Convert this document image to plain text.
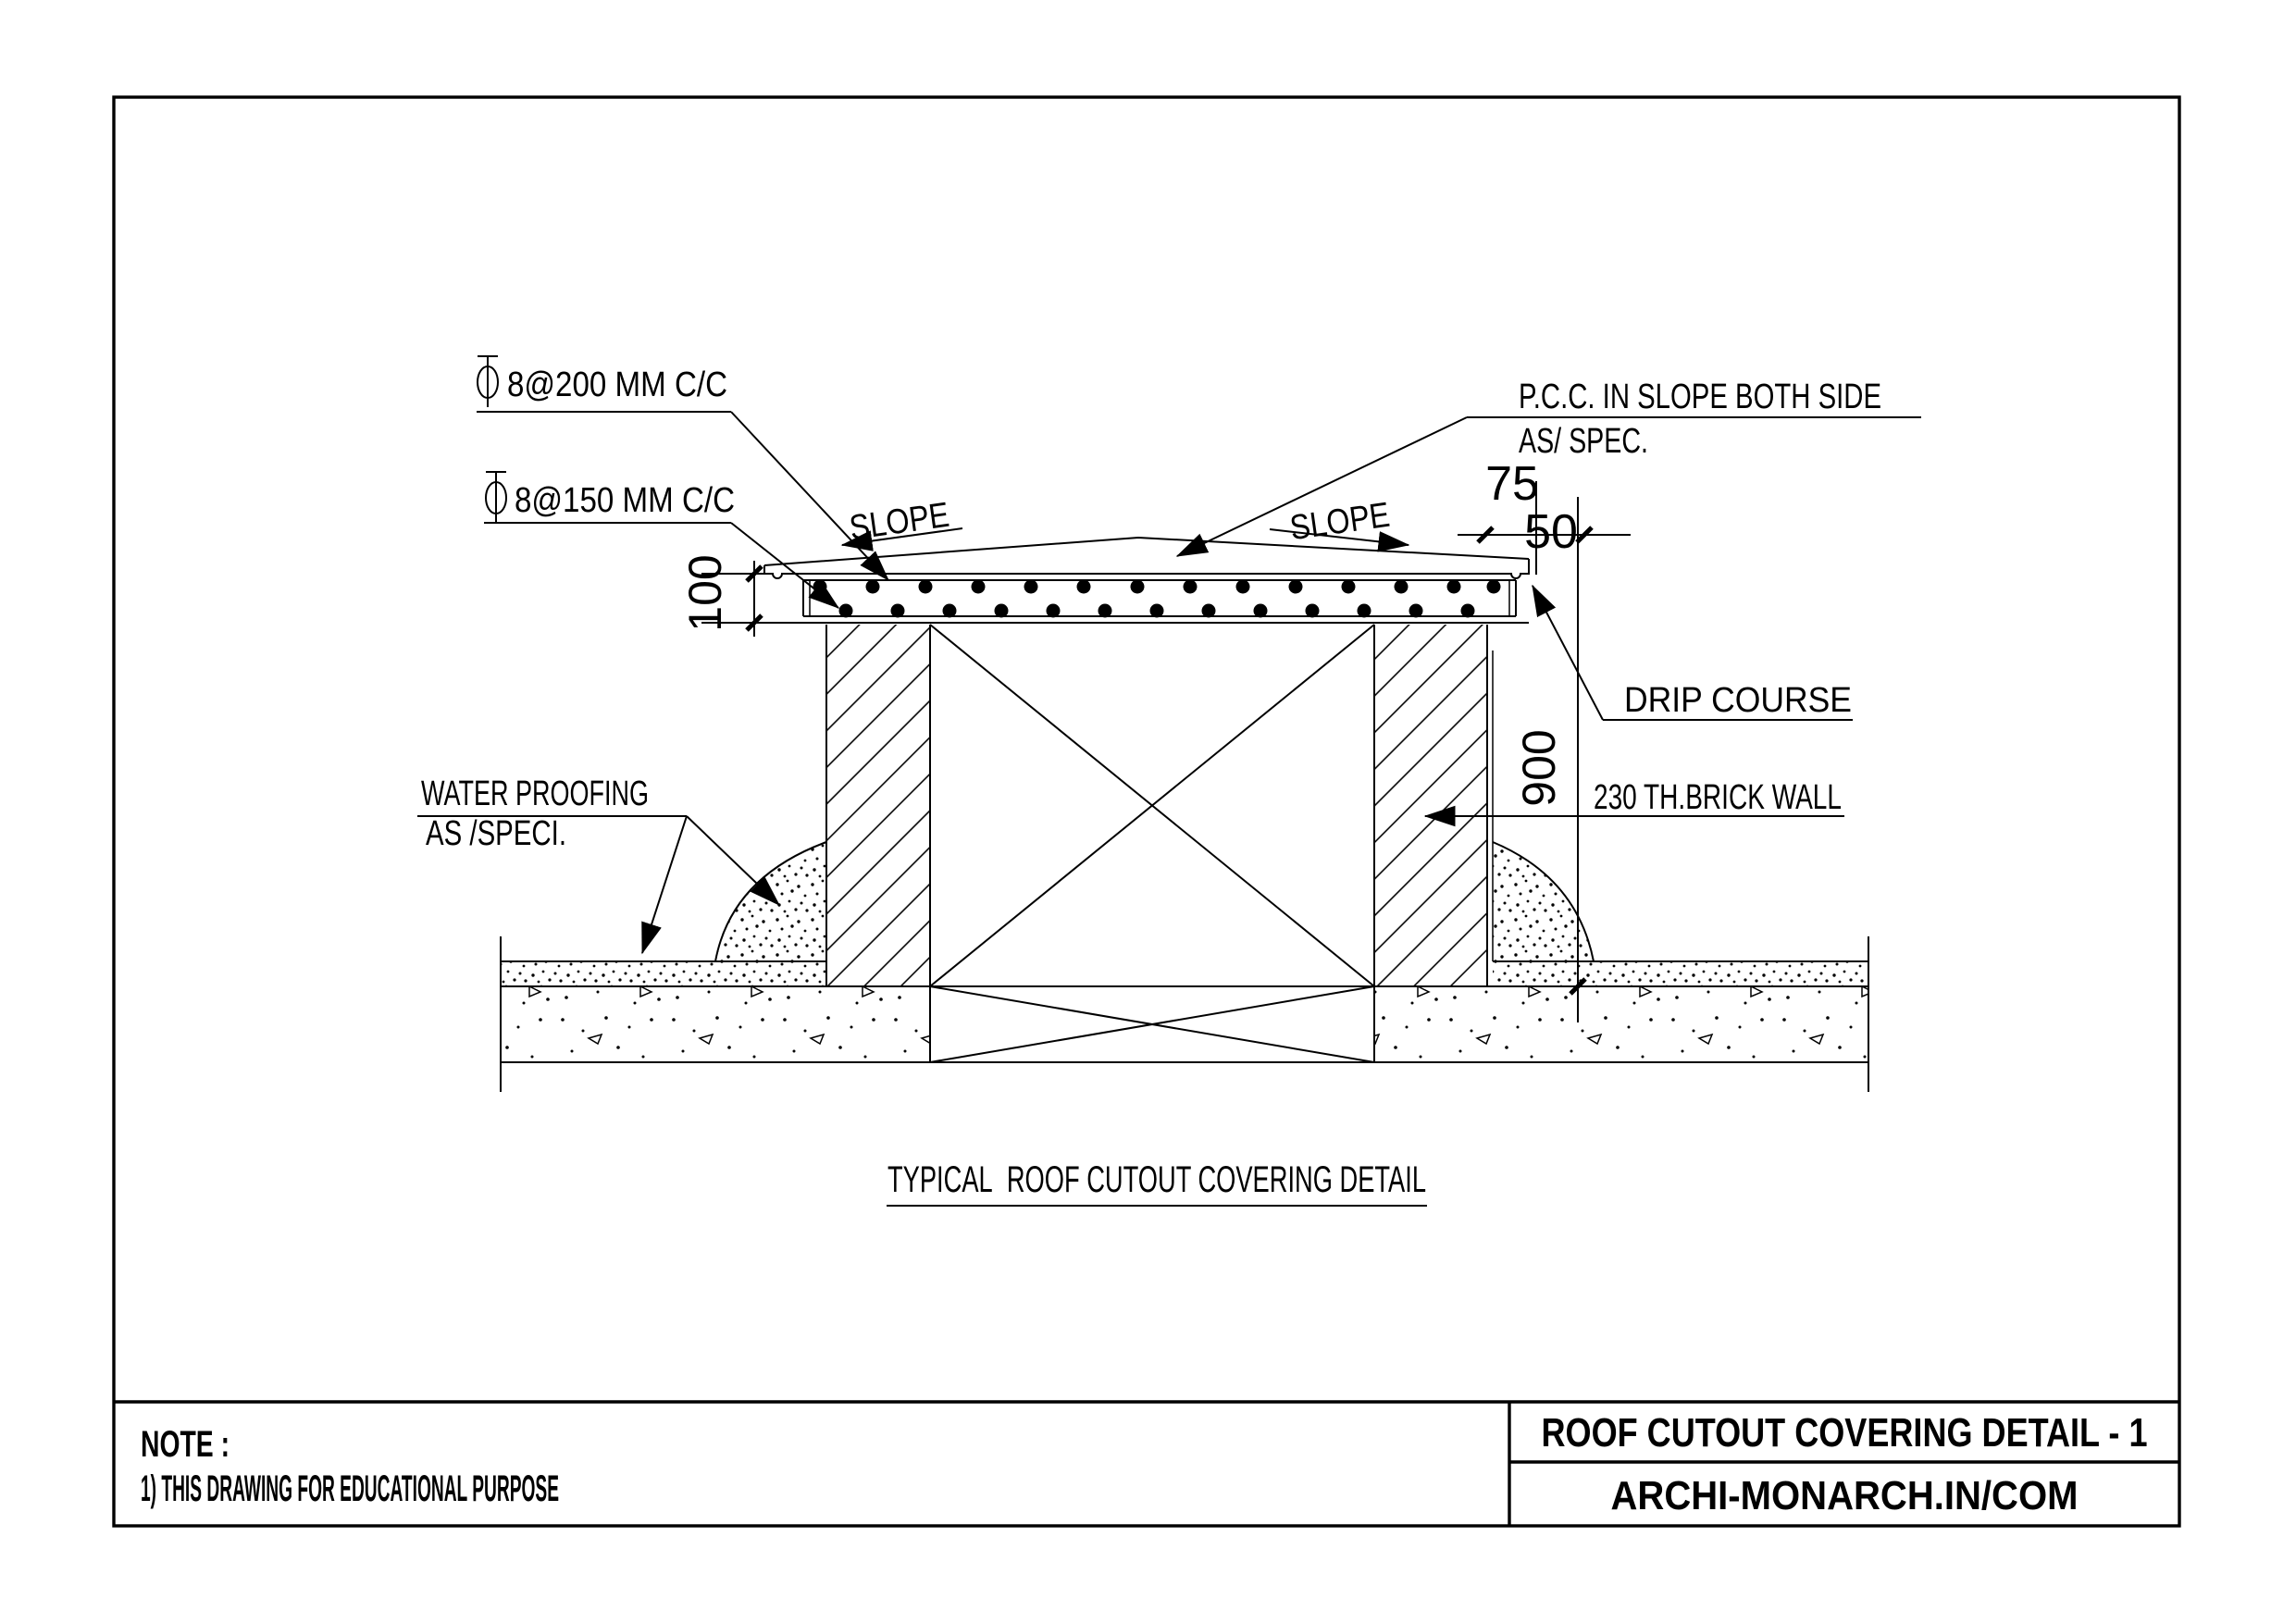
100
75
50
900
8@200 MM C/C
8@150 MM C/C	SLOPE	SLOPE
P.C.C. IN SLOPE BOTH SIDE
AS/ SPEC.
DRIP COURSE
230 TH.BRICK WALL
WATER PROOFING
AS /SPECI.
TYPICAL  ROOF CUTOUT COVERING DETAIL
NOTE :
1) THIS DRAWING FOR EDUCATIONAL PURPOSE
ROOF CUTOUT COVERING DETAIL - 1
ARCHI-MONARCH.IN/COM
